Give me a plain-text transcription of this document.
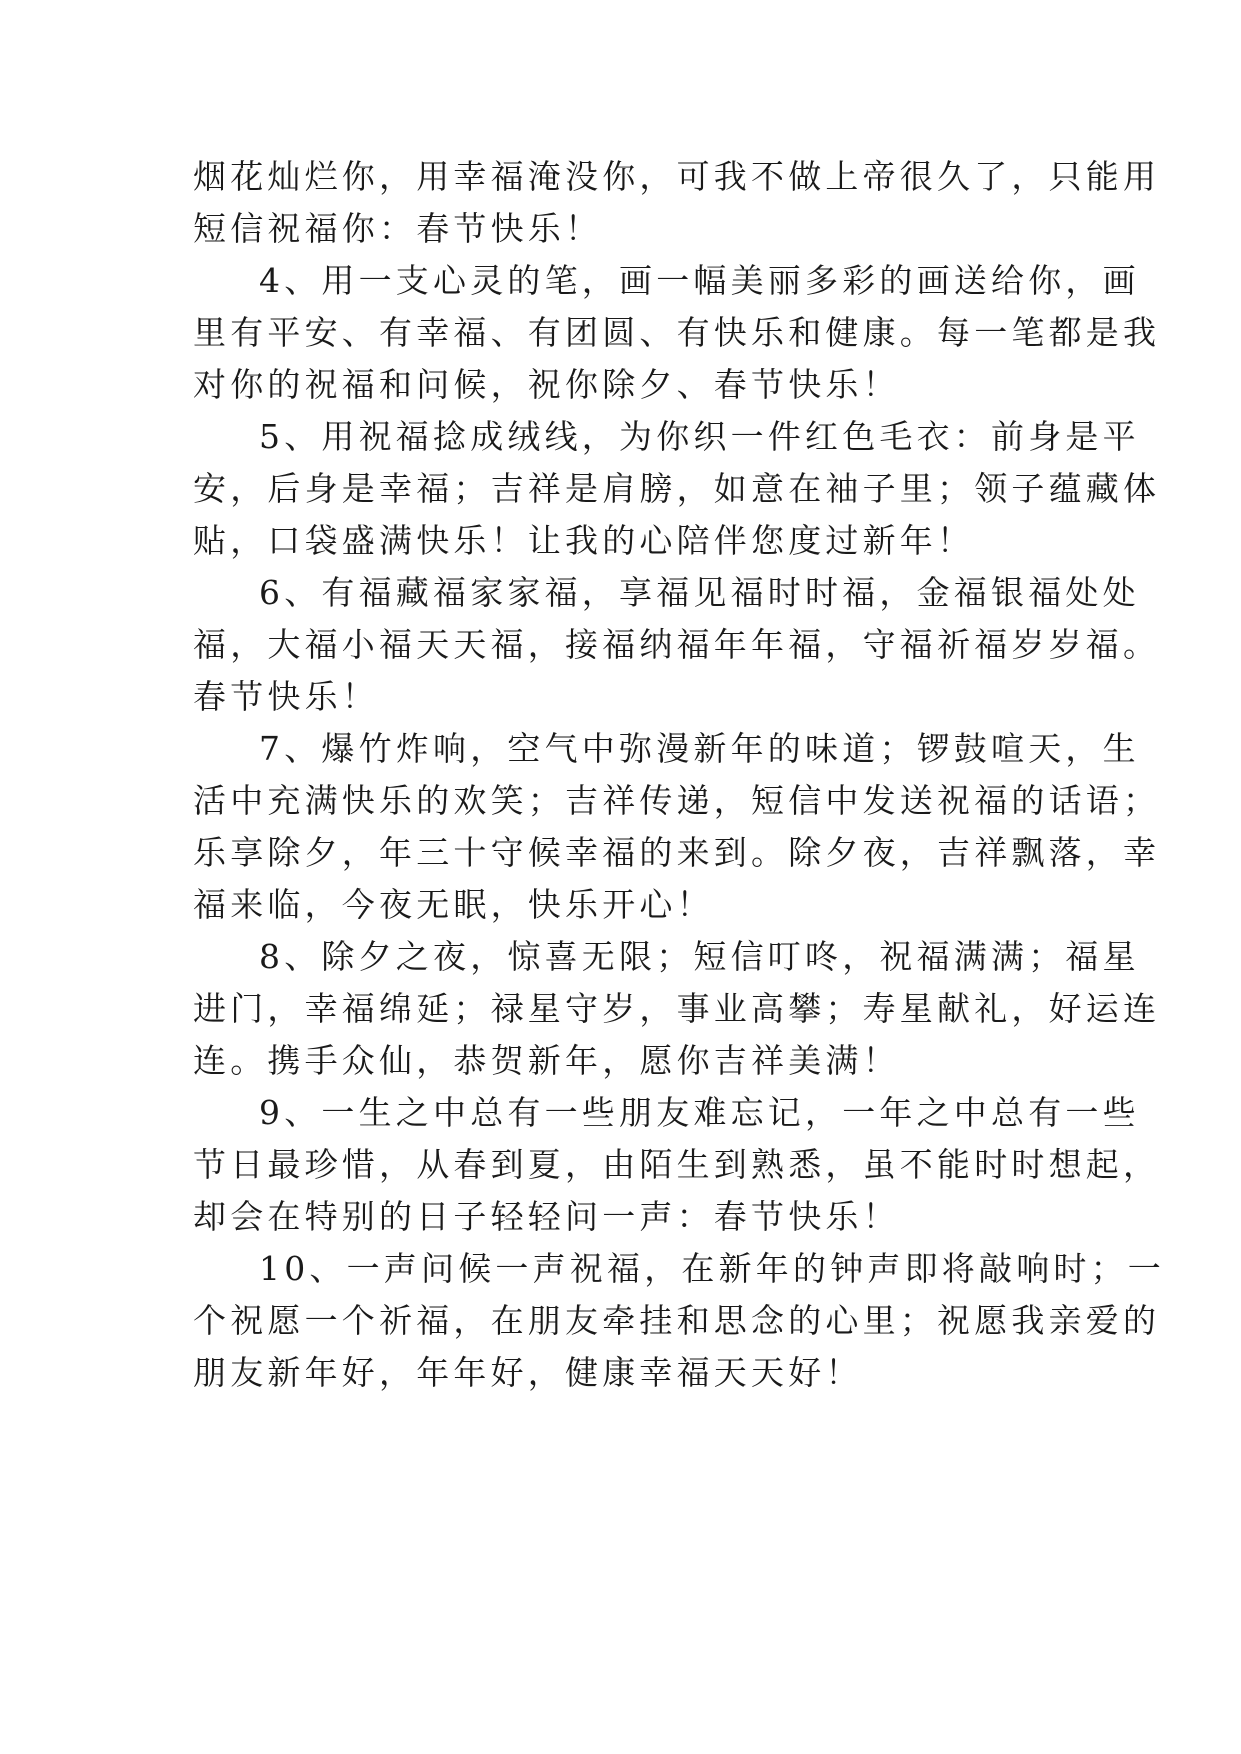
烟花灿烂你，用幸福淹没你，可我不做上帝很久了，只能用
短信祝福你：春节快乐！
4、用一支心灵的笔，画一幅美丽多彩的画送给你，画
里有平安、有幸福、有团圆、有快乐和健康。每一笔都是我
对你的祝福和问候，祝你除夕、春节快乐！
5、用祝福捻成绒线，为你织一件红色毛衣：前身是平
安，后身是幸福；吉祥是肩膀，如意在袖子里；领子蕴藏体
贴，口袋盛满快乐！让我的心陪伴您度过新年！
6、有福藏福家家福，享福见福时时福，金福银福处处
福，大福小福天天福，接福纳福年年福，守福祈福岁岁福。
春节快乐！
7、爆竹炸响，空气中弥漫新年的味道；锣鼓喧天，生
活中充满快乐的欢笑；吉祥传递，短信中发送祝福的话语；
乐享除夕，年三十守候幸福的来到。除夕夜，吉祥飘落，幸
福来临，今夜无眠，快乐开心！
8、除夕之夜，惊喜无限；短信叮咚，祝福满满；福星
进门，幸福绵延；禄星守岁，事业高攀；寿星献礼，好运连
连。携手众仙，恭贺新年，愿你吉祥美满！
9、一生之中总有一些朋友难忘记，一年之中总有一些
节日最珍惜，从春到夏，由陌生到熟悉，虽不能时时想起，
却会在特别的日子轻轻问一声：春节快乐！
10、一声问候一声祝福，在新年的钟声即将敲响时；一
个祝愿一个祈福，在朋友牵挂和思念的心里；祝愿我亲爱的
朋友新年好，年年好，健康幸福天天好！
